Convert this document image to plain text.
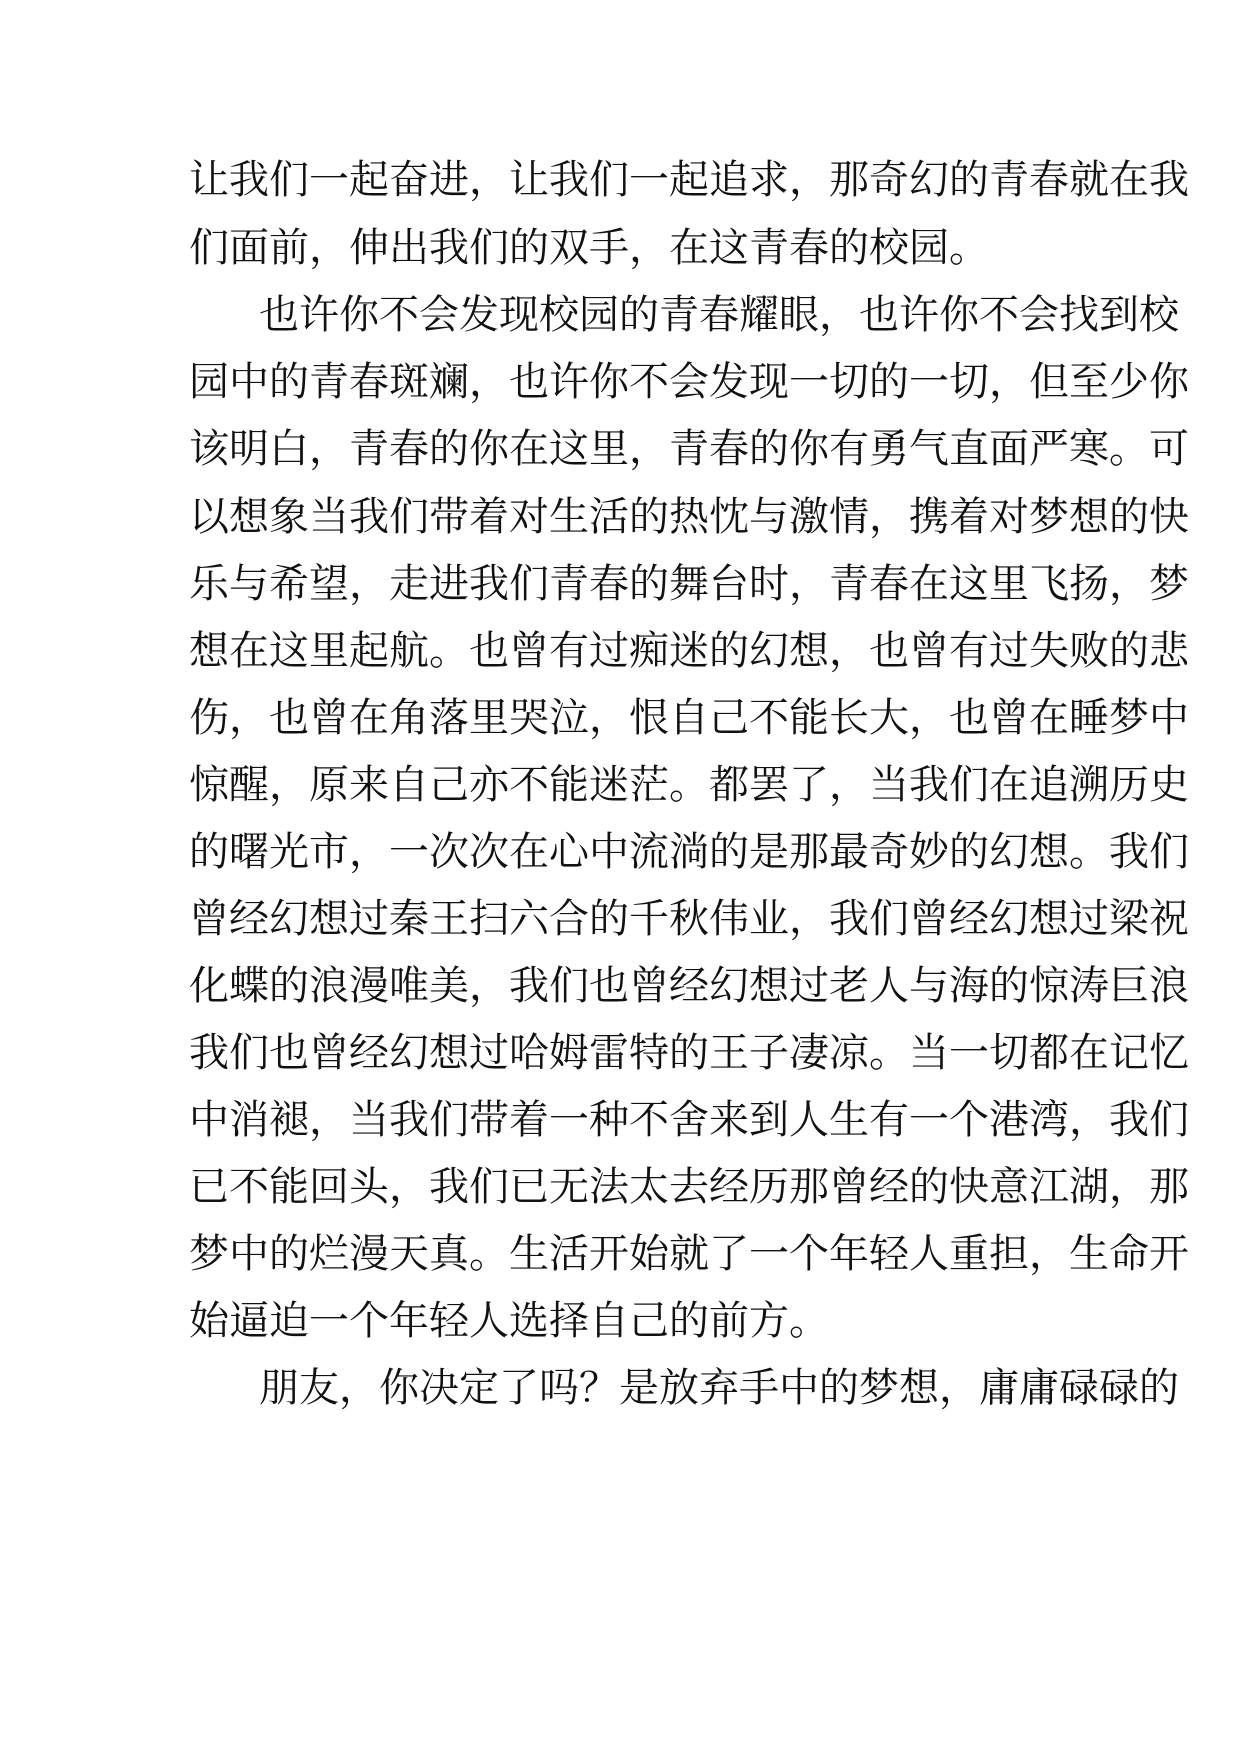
让我们一起奋进，让我们一起追求，那奇幻的青春就在我
们面前，伸出我们的双手，在这青春的校园。
也许你不会发现校园的青春耀眼，也许你不会找到校
园中的青春斑斓，也许你不会发现一切的一切，但至少你
该明白，青春的你在这里，青春的你有勇气直面严寒。可
以想象当我们带着对生活的热忱与激情，携着对梦想的快
乐与希望，走进我们青春的舞台时，青春在这里飞扬，梦
想在这里起航。也曾有过痴迷的幻想，也曾有过失败的悲
伤，也曾在角落里哭泣，恨自己不能长大，也曾在睡梦中
惊醒，原来自己亦不能迷茫。都罢了，当我们在追溯历史
的曙光市，一次次在心中流淌的是那最奇妙的幻想。我们
曾经幻想过秦王扫六合的千秋伟业，我们曾经幻想过梁祝
化蝶的浪漫唯美，我们也曾经幻想过老人与海的惊涛巨浪
我们也曾经幻想过哈姆雷特的王子凄凉。当一切都在记忆
中消褪，当我们带着一种不舍来到人生有一个港湾，我们
已不能回头，我们已无法太去经历那曾经的快意江湖，那
梦中的烂漫天真。生活开始就了一个年轻人重担，生命开
始逼迫一个年轻人选择自己的前方。
朋友，你决定了吗？是放弃手中的梦想，庸庸碌碌的
